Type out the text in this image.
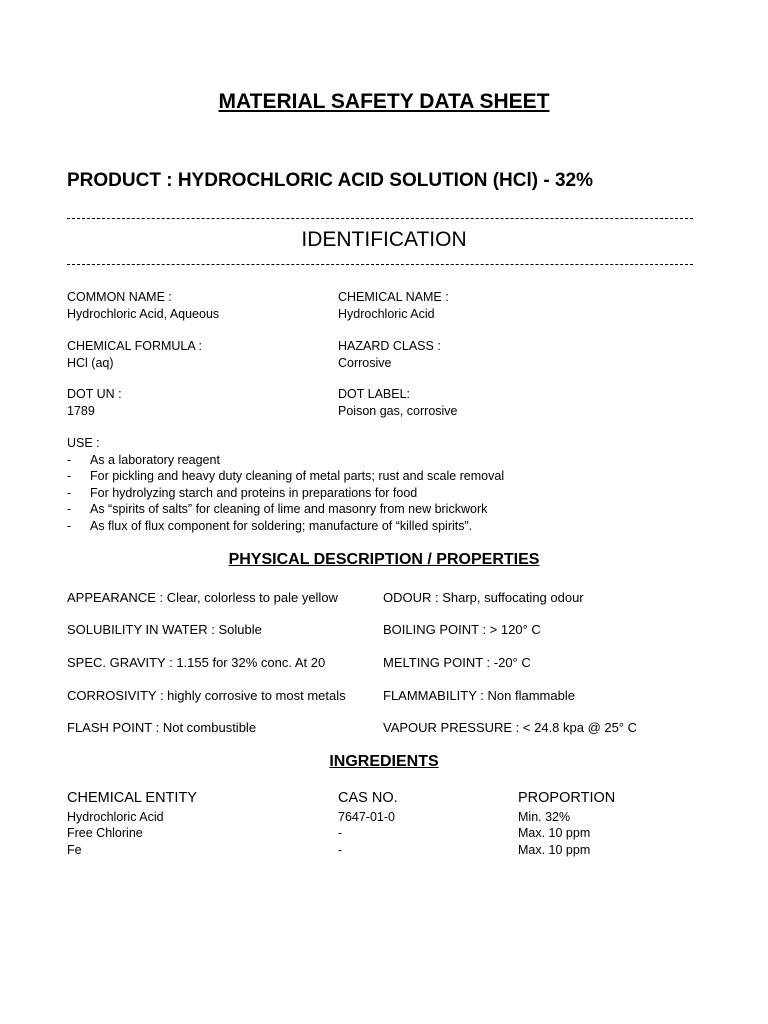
MATERIAL SAFETY DATA SHEET
PRODUCT : HYDROCHLORIC ACID SOLUTION (HCl) - 32%
IDENTIFICATION
COMMON NAME :
Hydrochloric Acid, Aqueous
CHEMICAL NAME :
Hydrochloric Acid
CHEMICAL FORMULA :
HCl (aq)
HAZARD CLASS :
Corrosive
DOT UN :
1789
DOT LABEL:
Poison gas, corrosive
USE :
- As a laboratory reagent
- For pickling and heavy duty cleaning of metal parts; rust and scale removal
- For hydrolyzing starch and proteins in preparations for food
- As “spirits of salts” for cleaning of lime and masonry from new brickwork
- As flux of flux component for soldering; manufacture of “killed spirits”.
PHYSICAL DESCRIPTION / PROPERTIES
APPEARANCE : Clear, colorless to pale yellow	ODOUR : Sharp, suffocating odour
SOLUBILITY IN WATER : Soluble	BOILING POINT : > 120° C
SPEC. GRAVITY : 1.155 for 32% conc. At 20	MELTING POINT : -20° C
CORROSIVITY : highly corrosive to most metals	FLAMMABILITY : Non flammable
FLASH POINT : Not combustible	VAPOUR PRESSURE : < 24.8 kpa @ 25° C
INGREDIENTS
CHEMICAL ENTITY	CAS NO.	PROPORTION
Hydrochloric Acid	7647-01-0	Min. 32%
Free Chlorine	-	Max. 10 ppm
Fe	-	Max. 10 ppm
